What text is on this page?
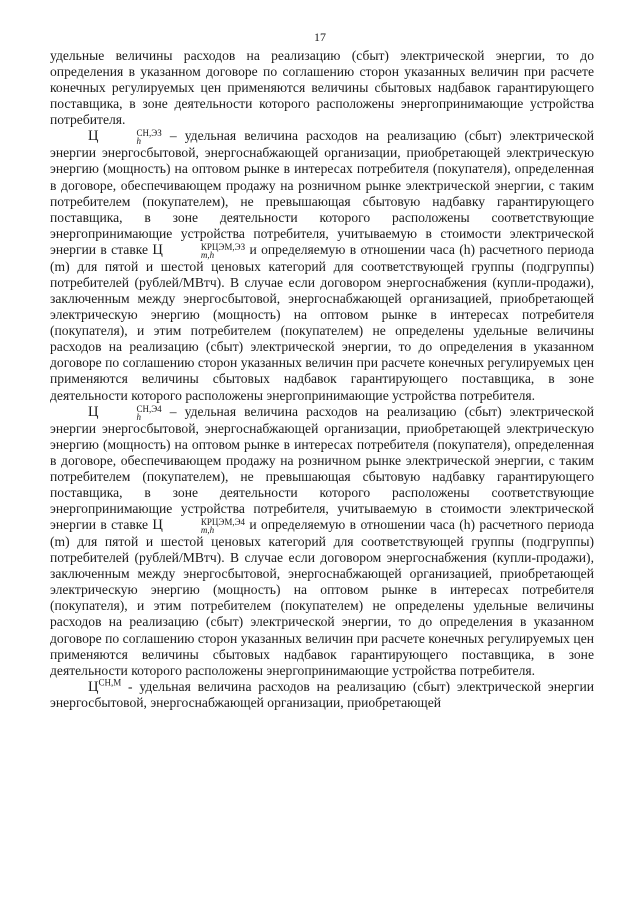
17

удельные величины расходов на реализацию (сбыт) электрической энергии, то до определения в указанном договоре по соглашению сторон указанных величин при расчете конечных регулируемых цен применяются величины сбытовых надбавок гарантирующего поставщика, в зоне деятельности которого расположены энергопринимающие устройства потребителя.

Ц	СН,ЭЗ
h	– удельная величина расходов на реализацию (сбыт) электрической энергии энергосбытовой, энергоснабжающей организации, приобретающей электрическую энергию (мощность) на оптовом рынке в интересах потребителя (покупателя), определенная в договоре, обеспечивающем продажу на розничном рынке электрической энергии, с таким потребителем (покупателем), не превышающая сбытовую надбавку гарантирующего поставщика, в зоне деятельности которого расположены соответствующие энергопринимающие устройства потребителя, учитываемую в стоимости электрической энергии в ставке Ц	КРЦЭМ,ЭЗ
m,h	и определяемую в отношении часа (h) расчетного периода (m) для пятой и шестой ценовых категорий для соответствующей группы (подгруппы) потребителей (рублей/МВтч). В случае если договором энергоснабжения (купли-продажи), заключенным между энергосбытовой, энергоснабжающей организацией, приобретающей электрическую энергию (мощность) на оптовом рынке в интересах потребителя (покупателя), и этим потребителем (покупателем) не определены удельные величины расходов на реализацию (сбыт) электрической энергии, то до определения в указанном договоре по соглашению сторон указанных величин при расчете конечных регулируемых цен применяются величины сбытовых надбавок гарантирующего поставщика, в зоне деятельности которого расположены энергопринимающие устройства потребителя.

Ц	СН,Э4
h	– удельная величина расходов на реализацию (сбыт) электрической энергии энергосбытовой, энергоснабжающей организации, приобретающей электрическую энергию (мощность) на оптовом рынке в интересах потребителя (покупателя), определенная в договоре, обеспечивающем продажу на розничном рынке электрической энергии, с таким потребителем (покупателем), не превышающая сбытовую надбавку гарантирующего поставщика, в зоне деятельности которого расположены соответствующие энергопринимающие устройства потребителя, учитываемую в стоимости электрической энергии в ставке Ц	КРЦЭМ,Э4
m,h	и определяемую в отношении часа (h) расчетного периода (m) для пятой и шестой ценовых категорий для соответствующей группы (подгруппы) потребителей (рублей/МВтч). В случае если договором энергоснабжения (купли-продажи), заключенным между энергосбытовой, энергоснабжающей организацией, приобретающей электрическую энергию (мощность) на оптовом рынке в интересах потребителя (покупателя), и этим потребителем (покупателем) не определены удельные величины расходов на реализацию (сбыт) электрической энергии, то до определения в указанном договоре по соглашению сторон указанных величин при расчете конечных регулируемых цен применяются величины сбытовых надбавок гарантирующего поставщика, в зоне деятельности которого расположены энергопринимающие устройства потребителя.

$Ц^{СН,М}$ - удельная величина расходов на реализацию (сбыт) электрической энергии энергосбытовой, энергоснабжающей организации, приобретающей
